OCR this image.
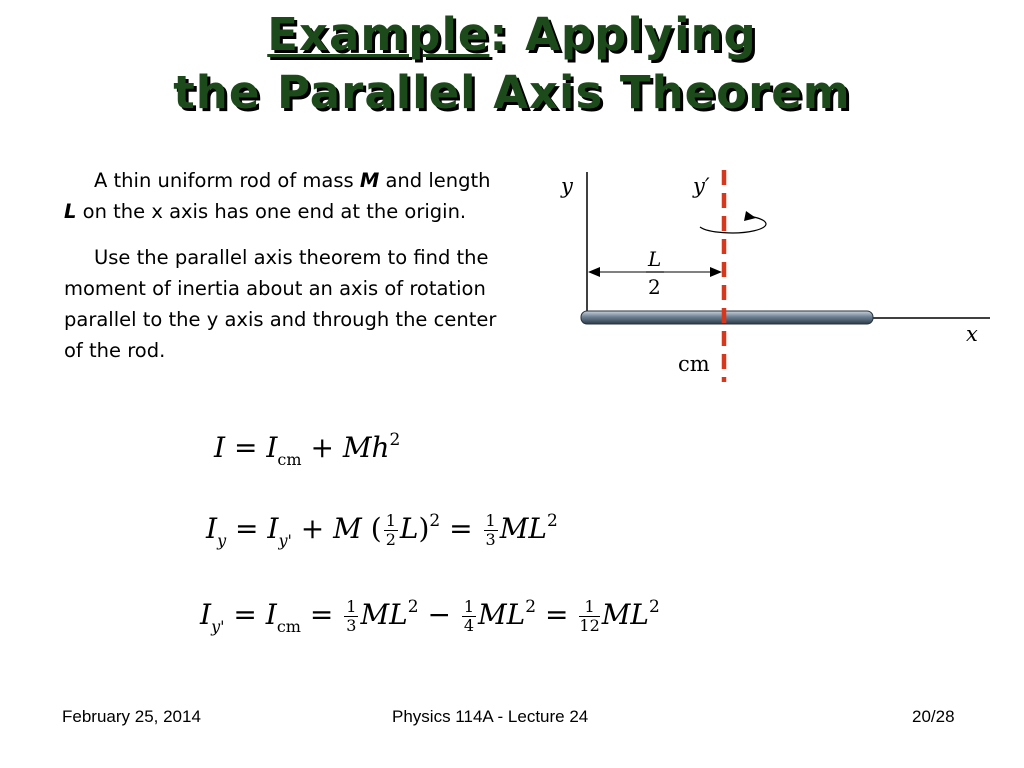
Example: Applying
the Parallel Axis Theorem

A thin uniform rod of mass M and length L on the x axis has one end at the origin.

Use the parallel axis theorem to find the moment of inertia about an axis of rotation parallel to the y axis and through the center of the rod.

y	y′
L
2
x
cm
$I = I_{cm} + Mh^2$
$I_y = I_{y'} + M$ ( $\frac{1}{2} L)^2 = \frac{1}{3} ML^2$
$I_{y'} = I_{cm} = \frac{1}{3} ML^2 - \frac{1}{4} ML^2 = \frac{1}{12} ML^2$
February 25, 2014	Physics 114A - Lecture 24	20/28
